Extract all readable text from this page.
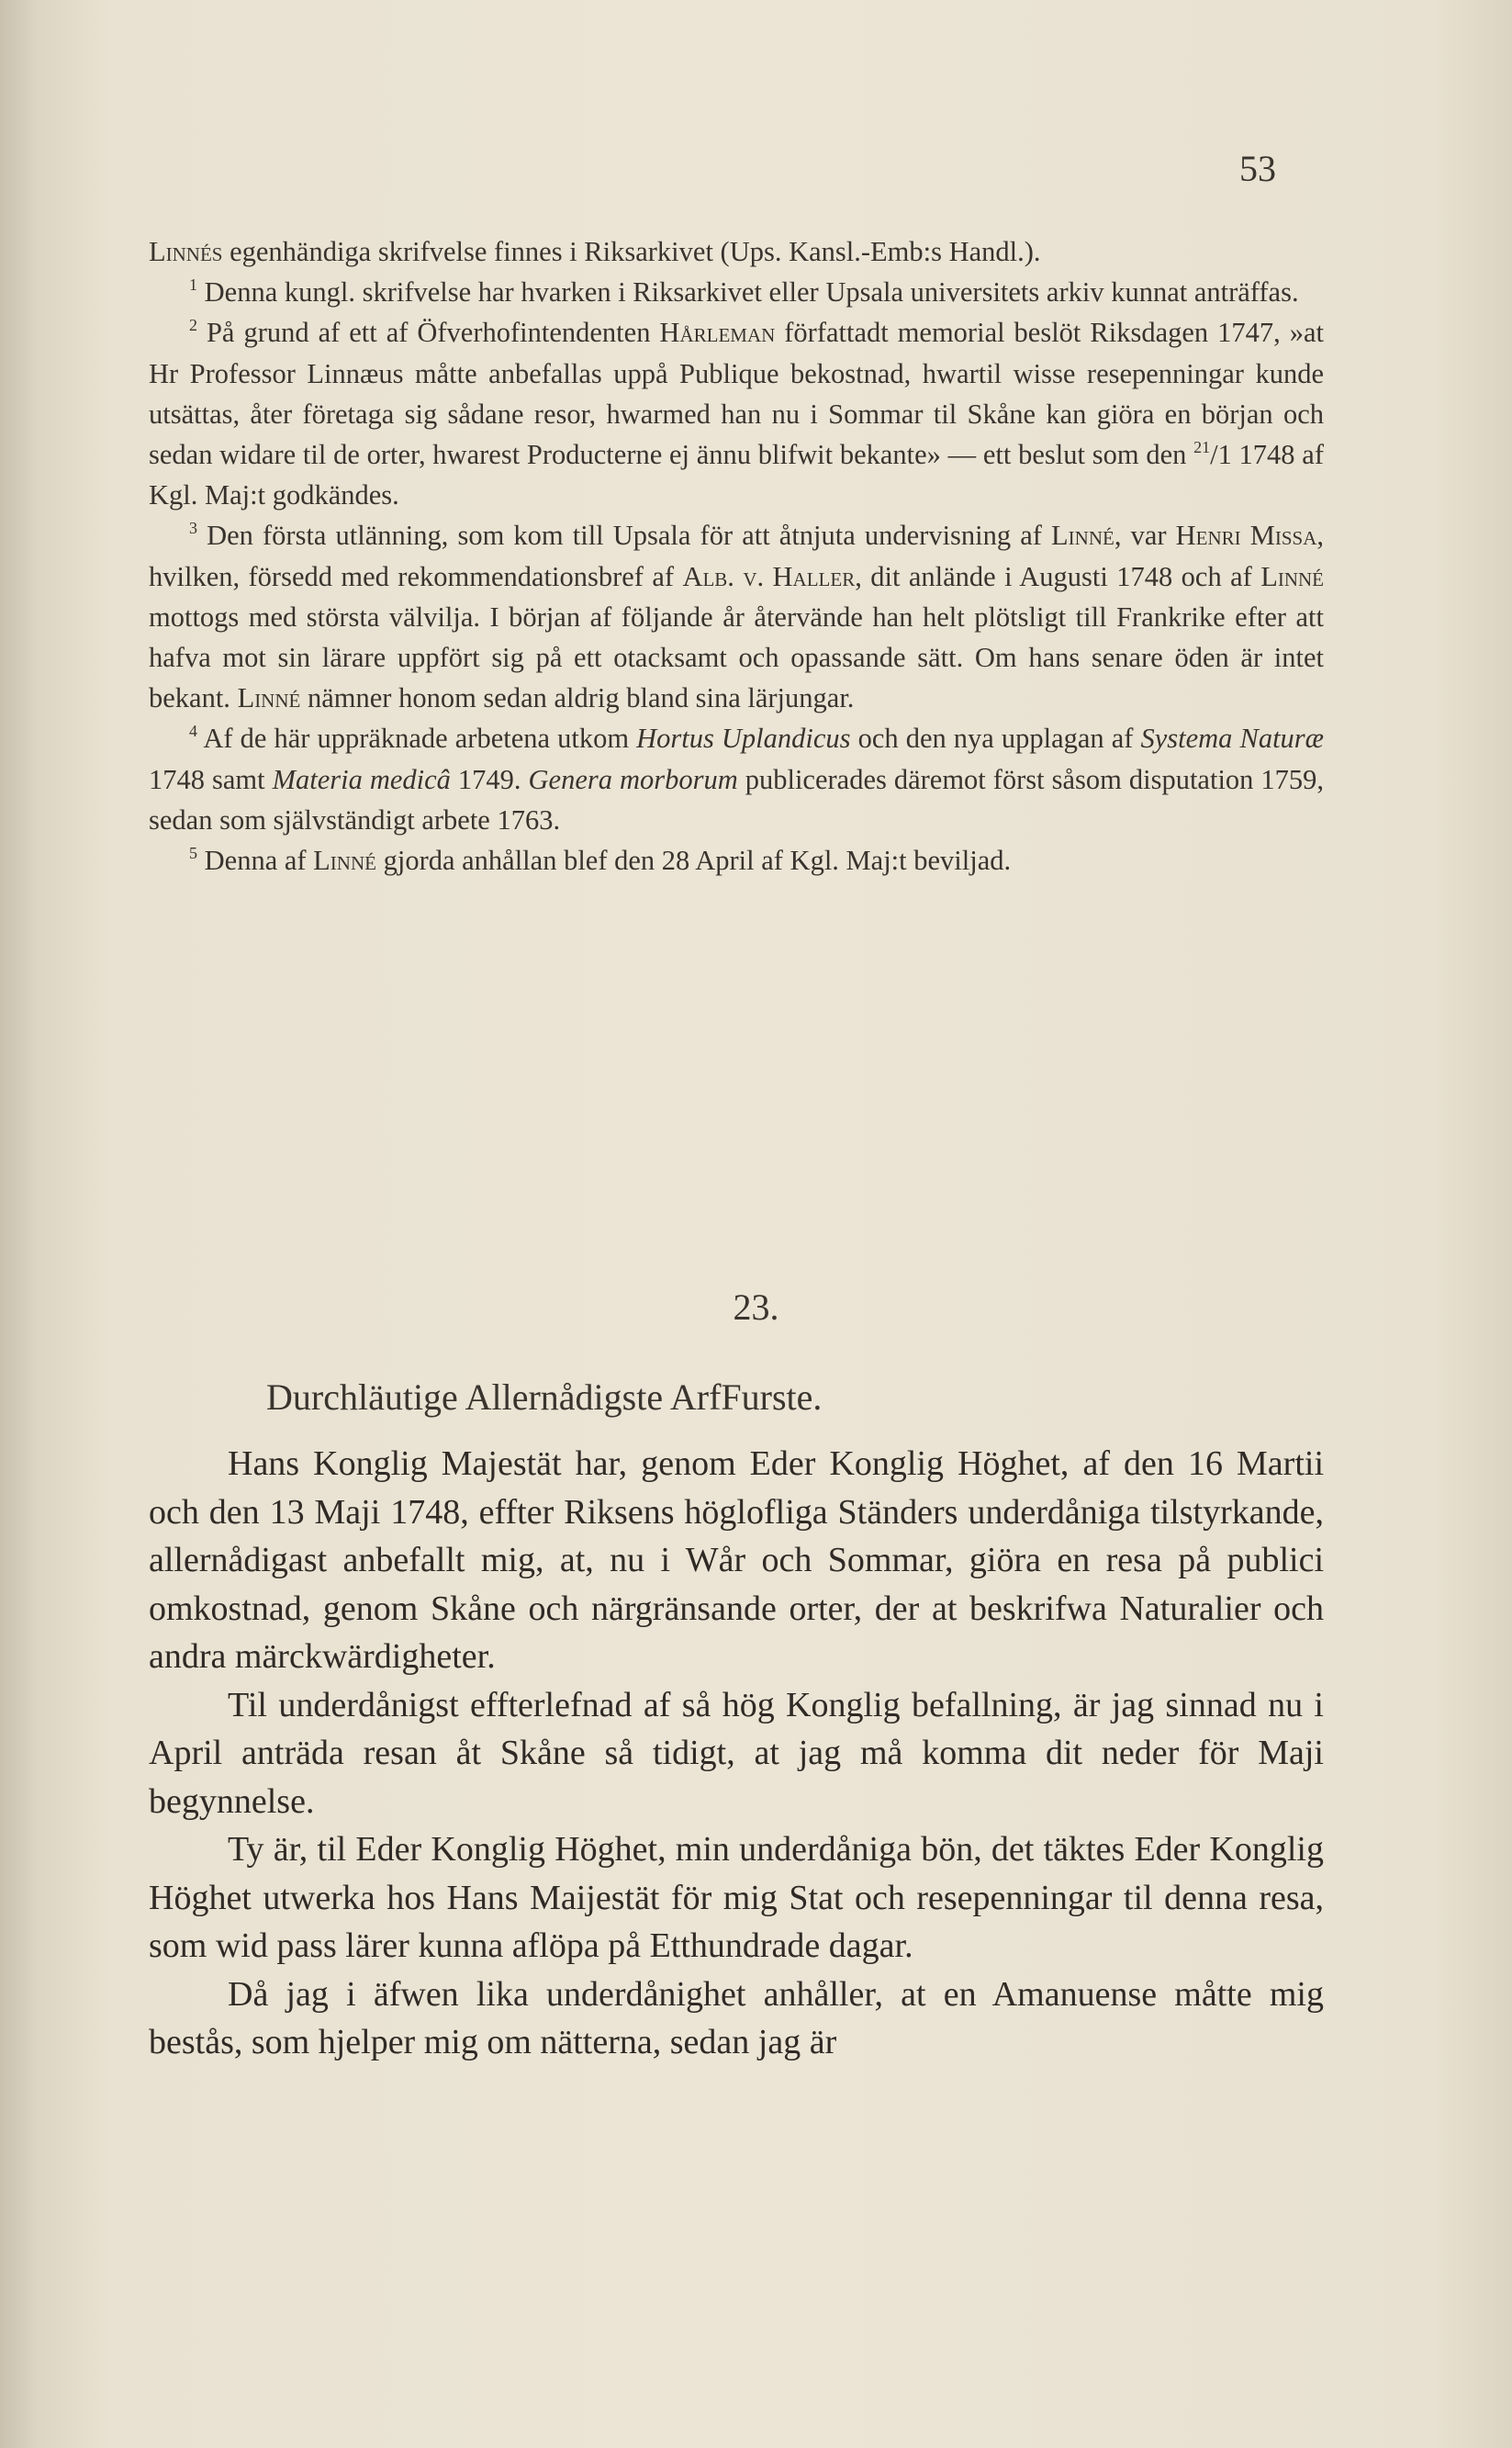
53

Linnés egenhändiga skrifvelse finnes i Riksarkivet (Ups. Kansl.-Emb:s Handl.).

$^1$ Denna kungl. skrifvelse har hvarken i Riksarkivet eller Upsala universitets arkiv kunnat anträffas.

$^2$ På grund af ett af Öfverhofintendenten Hårleman författadt memorial beslöt Riksdagen 1747, »at Hr Professor Linnæus måtte anbefallas uppå Publique bekostnad, hwartil wisse resepenningar kunde utsättas, åter företaga sig sådane resor, hwarmed han nu i Sommar til Skåne kan giöra en början och sedan widare til de orter, hwarest Producterne ej ännu blifwit bekante» — ett beslut som den $^{21}$/1 1748 af Kgl. Maj:t godkändes.

$^3$ Den första utlänning, som kom till Upsala för att åtnjuta undervisning af Linné, var Henri Missa, hvilken, försedd med rekommendationsbref af Alb. v. Haller, dit anlände i Augusti 1748 och af Linné mottogs med största välvilja. I början af följande år återvände han helt plötsligt till Frankrike efter att hafva mot sin lärare uppfört sig på ett otacksamt och opassande sätt. Om hans senare öden är intet bekant. Linné nämner honom sedan aldrig bland sina lärjungar.

$^4$ Af de här uppräknade arbetena utkom Hortus Uplandicus och den nya upplagan af Systema Naturæ 1748 samt Materia medicâ 1749. Genera morborum publicerades däremot först såsom disputation 1759, sedan som självständigt arbete 1763.

$^5$ Denna af Linné gjorda anhållan blef den 28 April af Kgl. Maj:t beviljad.

23.
Durchläutige Allernådigste ArfFurste.

Hans Konglig Majestät har, genom Eder Konglig Höghet, af den 16 Martii och den 13 Maji 1748, effter Riksens höglofliga Ständers underdåniga tilstyrkande, allernådigast anbefallt mig, at, nu i Wår och Sommar, giöra en resa på publici omkostnad, genom Skåne och närgränsande orter, der at beskrifwa Naturalier och andra märckwärdigheter.

Til underdånigst effterlefnad af så hög Konglig befallning, är jag sinnad nu i April anträda resan åt Skåne så tidigt, at jag må komma dit neder för Maji begynnelse.

Ty är, til Eder Konglig Höghet, min underdåniga bön, det täktes Eder Konglig Höghet utwerka hos Hans Maijestät för mig Stat och resepenningar til denna resa, som wid pass lärer kunna aflöpa på Etthundrade dagar.

Då jag i äfwen lika underdånighet anhåller, at en Amanuense måtte mig bestås, som hjelper mig om nätterna, sedan jag är
